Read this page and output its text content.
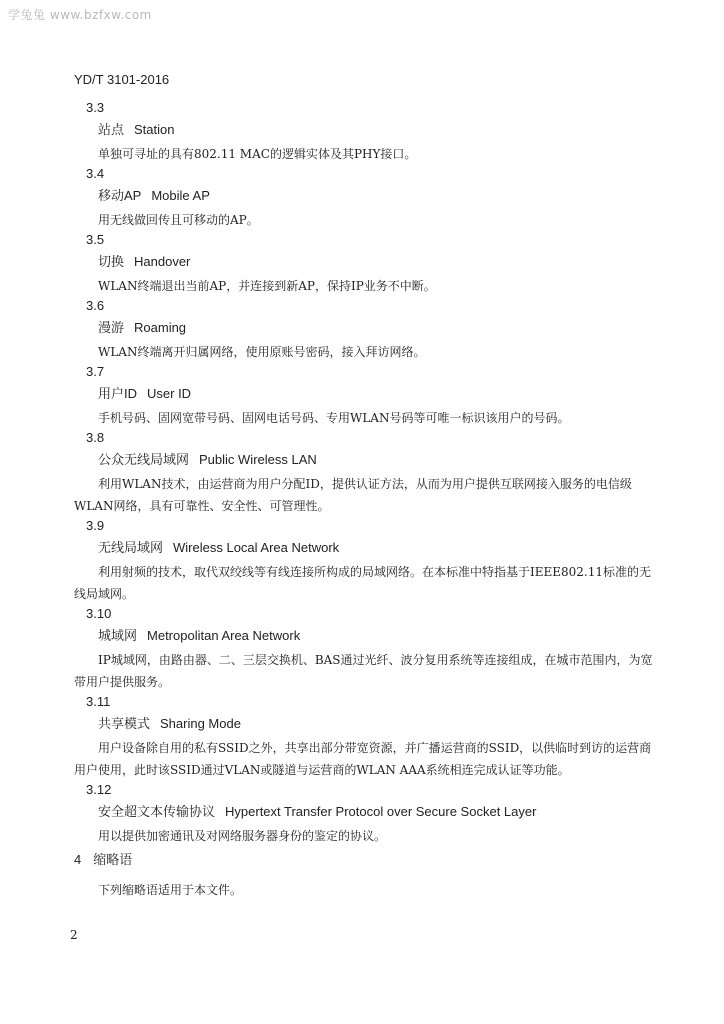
学兔兔 www.bzfxw.com
YD/T 3101-2016
3.3
站点 Station
单独可寻址的具有802.11 MAC的逻辑实体及其PHY接口。
3.4
移动AP Mobile AP
用无线做回传且可移动的AP。
3.5
切换 Handover
WLAN终端退出当前AP，并连接到新AP，保持IP业务不中断。
3.6
漫游 Roaming
WLAN终端离开归属网络，使用原账号密码，接入拜访网络。
3.7
用户ID User ID
手机号码、固网宽带号码、固网电话号码、专用WLAN号码等可唯一标识该用户的号码。
3.8
公众无线局域网 Public Wireless LAN
利用WLAN技术，由运营商为用户分配ID，提供认证方法，从而为用户提供互联网接入服务的电信级WLAN网络，具有可靠性、安全性、可管理性。
3.9
无线局域网 Wireless Local Area Network
利用射频的技术，取代双绞线等有线连接所构成的局域网络。在本标准中特指基于IEEE802.11标准的无线局域网。
3.10
城域网 Metropolitan Area Network
IP城域网，由路由器、二、三层交换机、BAS通过光纤、波分复用系统等连接组成，在城市范围内，为宽带用户提供服务。
3.11
共享模式 Sharing Mode
用户设备除自用的私有SSID之外，共享出部分带宽资源，并广播运营商的SSID，以供临时到访的运营商用户使用，此时该SSID通过VLAN或隧道与运营商的WLAN AAA系统相连完成认证等功能。
3.12
安全超文本传输协议 Hypertext Transfer Protocol over Secure Socket Layer
用以提供加密通讯及对网络服务器身份的鉴定的协议。
4 缩略语
下列缩略语适用于本文件。
2
